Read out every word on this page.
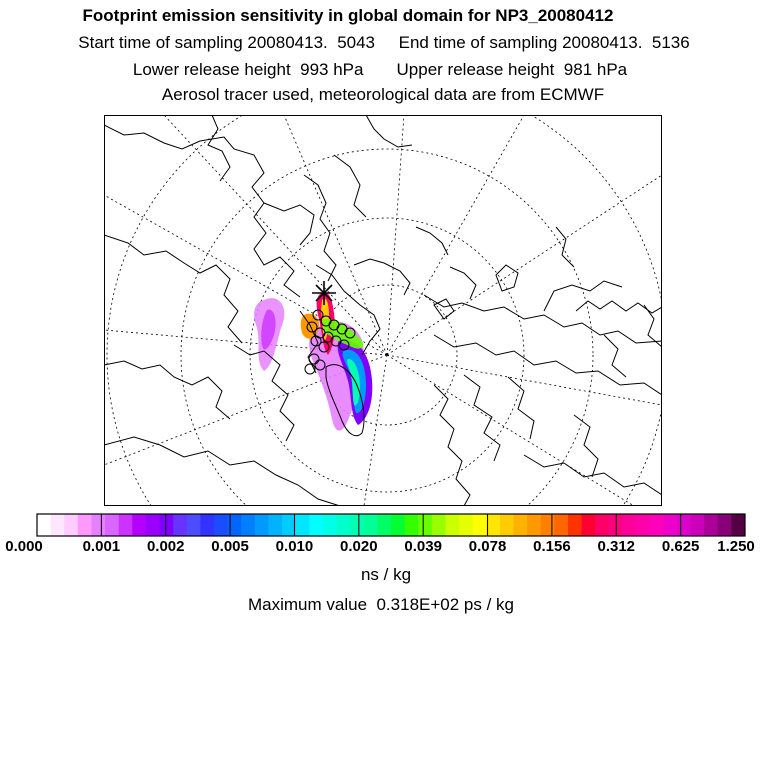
Footprint emission sensitivity in global domain for NP3_20080412
Start time of sampling 20080413.  5043     End time of sampling 20080413.  5136
Lower release height  993 hPa       Upper release height  981 hPa
Aerosol tracer used, meteorological data are from ECMWF
0.000	0.001 0.002 0.005 0.010 0.020 0.039 0.078 0.156 0.312 0.625 1.250
ns / kg
Maximum value  0.318E+02 ps / kg
